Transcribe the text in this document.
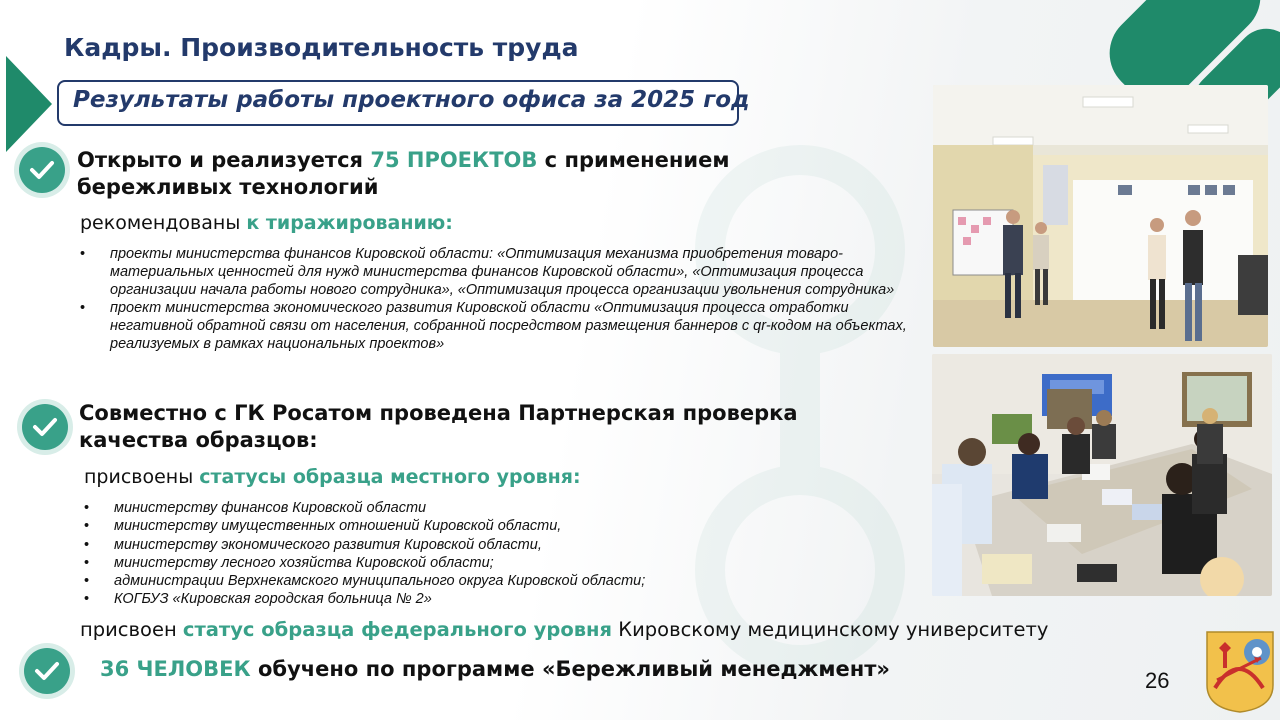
Кадры. Производительность труда
Результаты работы проектного офиса за 2025 год
Открыто и реализуется 75 ПРОЕКТОВ с применением бережливых технологий
рекомендованы к тиражированию:
• проекты министерства финансов Кировской области: «Оптимизация механизма приобретения товаро-материальных ценностей для нужд министерства финансов Кировской области», «Оптимизация процесса организации начала работы нового сотрудника», «Оптимизация процесса организации увольнения сотрудника»
• проект министерства экономического развития Кировской области «Оптимизация процесса отработки негативной обратной связи от населения, собранной посредством размещения баннеров с qr-кодом на объектах, реализуемых в рамках национальных проектов»
Совместно с ГК Росатом проведена Партнерская проверка качества образцов:
присвоены статусы образца местного уровня:
• министерству финансов Кировской области
• министерству имущественных отношений Кировской области,
• министерству экономического развития Кировской области,
• министерству лесного хозяйства Кировской области;
• администрации Верхнекамского муниципального округа Кировской области;
• КОГБУЗ «Кировская городская больница № 2»
присвоен статус образца федерального уровня Кировскому медицинскому университету
36 ЧЕЛОВЕК обучено по программе «Бережливый менеджмент»	26
